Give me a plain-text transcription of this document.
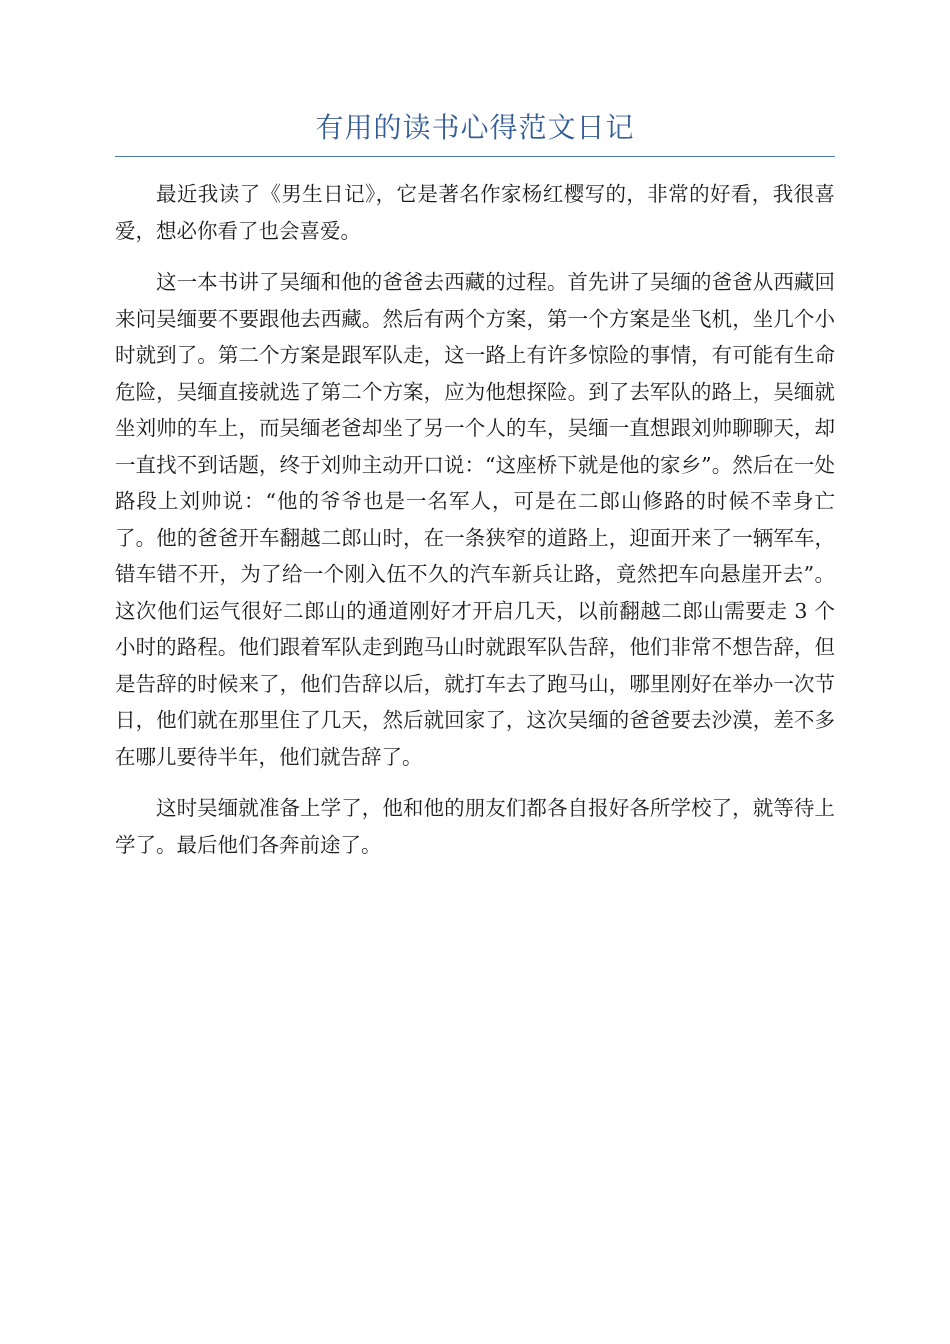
有用的读书心得范文日记

最近我读了《男生日记》，它是著名作家杨红樱写的，非常的好看，我很喜爱，想必你看了也会喜爱。

这一本书讲了吴缅和他的爸爸去西藏的过程。首先讲了吴缅的爸爸从西藏回来问吴缅要不要跟他去西藏。然后有两个方案，第一个方案是坐飞机，坐几个小时就到了。第二个方案是跟军队走，这一路上有许多惊险的事情，有可能有生命危险，吴缅直接就选了第二个方案，应为他想探险。到了去军队的路上，吴缅就坐刘帅的车上，而吴缅老爸却坐了另一个人的车，吴缅一直想跟刘帅聊聊天，却一直找不到话题，终于刘帅主动开口说：“这座桥下就是他的家乡”。然后在一处路段上刘帅说：“他的爷爷也是一名军人，可是在二郎山修路的时候不幸身亡了。他的爸爸开车翻越二郎山时，在一条狭窄的道路上，迎面开来了一辆军车，错车错不开，为了给一个刚入伍不久的汽车新兵让路，竟然把车向悬崖开去”。这次他们运气很好二郎山的通道刚好才开启几天，以前翻越二郎山需要走 3 个小时的路程。他们跟着军队走到跑马山时就跟军队告辞，他们非常不想告辞，但是告辞的时候来了，他们告辞以后，就打车去了跑马山，哪里刚好在举办一次节日，他们就在那里住了几天，然后就回家了，这次吴缅的爸爸要去沙漠，差不多在哪儿要待半年，他们就告辞了。

这时吴缅就准备上学了，他和他的朋友们都各自报好各所学校了，就等待上学了。最后他们各奔前途了。
